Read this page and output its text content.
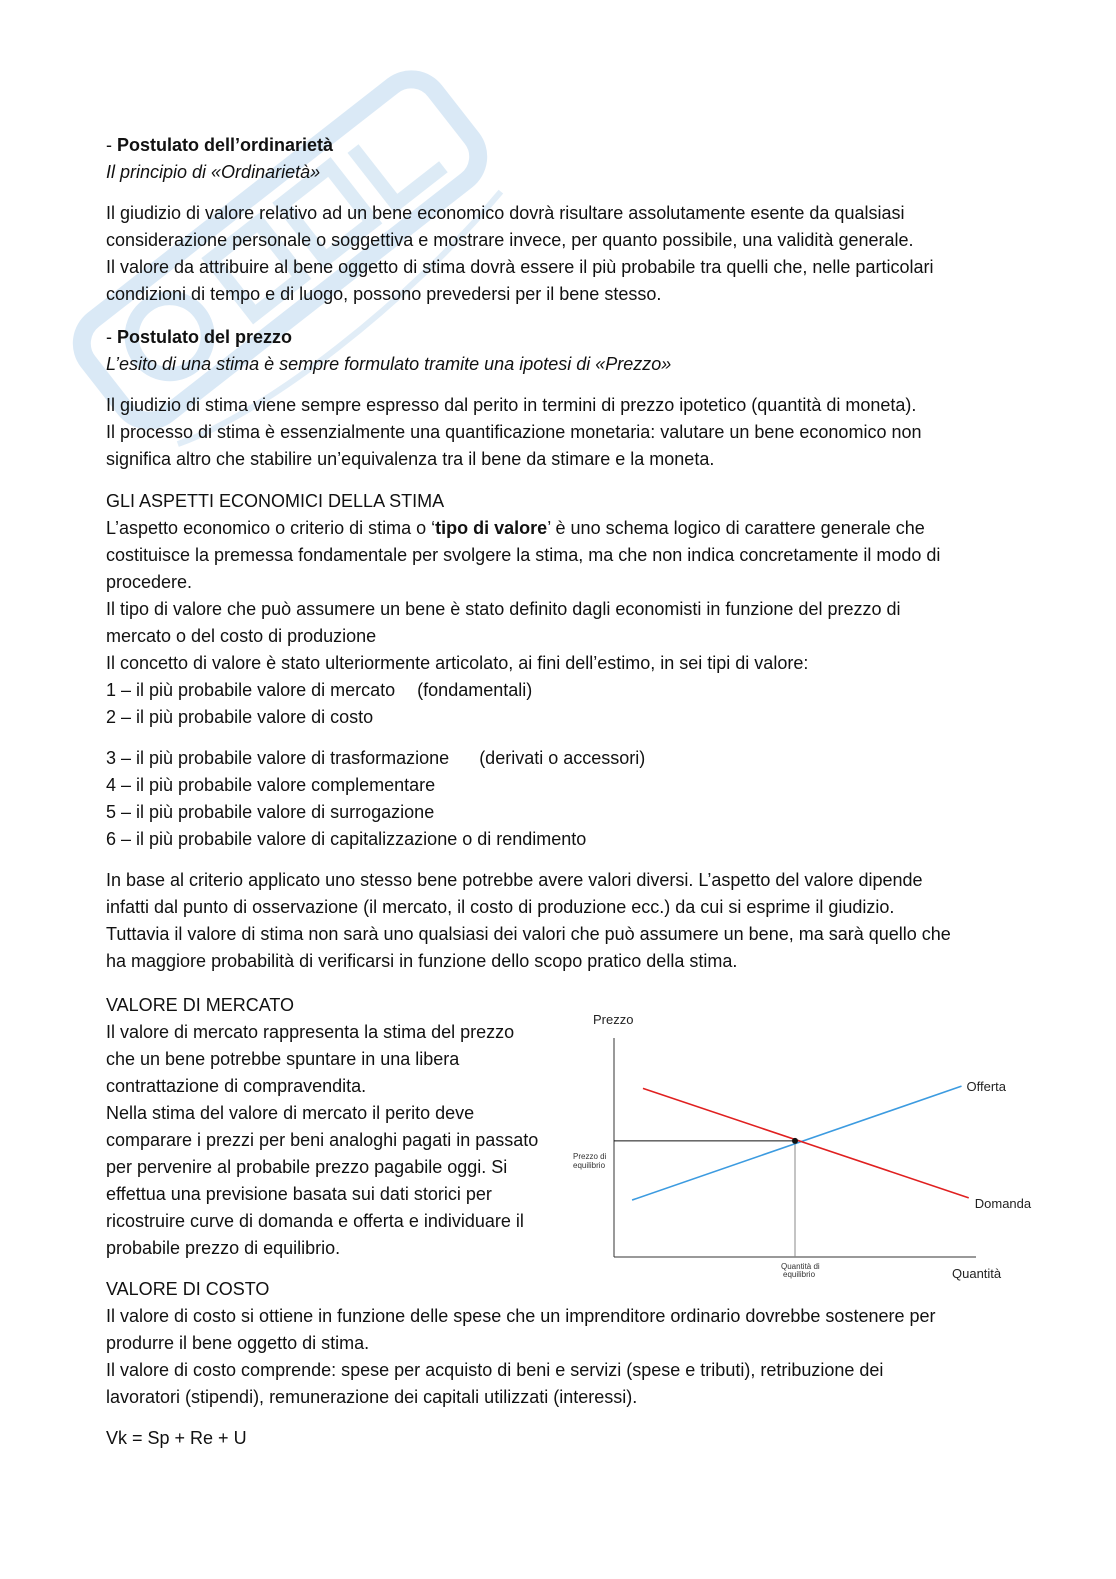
- Postulato dell’ordinarietà
Il principio di «Ordinarietà»
Il giudizio di valore relativo ad un bene economico dovrà risultare assolutamente esente da qualsiasi
considerazione personale o soggettiva e mostrare invece, per quanto possibile, una validità generale.
Il valore da attribuire al bene oggetto di stima dovrà essere il più probabile tra quelli che, nelle particolari
condizioni di tempo e di luogo, possono prevedersi per il bene stesso.
- Postulato del prezzo
L’esito di una stima è sempre formulato tramite una ipotesi di «Prezzo»
Il giudizio di stima viene sempre espresso dal perito in termini di prezzo ipotetico (quantità di moneta).
Il processo di stima è essenzialmente una quantificazione monetaria: valutare un bene economico non
significa altro che stabilire un’equivalenza tra il bene da stimare e la moneta.
GLI ASPETTI ECONOMICI DELLA STIMA
L’aspetto economico o criterio di stima o ‘tipo di valore’ è uno schema logico di carattere generale che
costituisce la premessa fondamentale per svolgere la stima, ma che non indica concretamente il modo di
procedere.
Il tipo di valore che può assumere un bene è stato definito dagli economisti in funzione del prezzo di
mercato o del costo di produzione
Il concetto di valore è stato ulteriormente articolato, ai fini dell’estimo, in sei tipi di valore:
1 – il più probabile valore di mercato (fondamentali)
2 – il più probabile valore di costo
3 – il più probabile valore di trasformazione (derivati o accessori)
4 – il più probabile valore complementare
5 – il più probabile valore di surrogazione
6 – il più probabile valore di capitalizzazione o di rendimento
In base al criterio applicato uno stesso bene potrebbe avere valori diversi. L’aspetto del valore dipende
infatti dal punto di osservazione (il mercato, il costo di produzione ecc.) da cui si esprime il giudizio.
Tuttavia il valore di stima non sarà uno qualsiasi dei valori che può assumere un bene, ma sarà quello che
ha maggiore probabilità di verificarsi in funzione dello scopo pratico della stima.
VALORE DI MERCATO
Il valore di mercato rappresenta la stima del prezzo
che un bene potrebbe spuntare in una libera
contrattazione di compravendita.
Nella stima del valore di mercato il perito deve
comparare i prezzi per beni analoghi pagati in passato
per pervenire al probabile prezzo pagabile oggi. Si
effettua una previsione basata sui dati storici per
ricostruire curve di domanda e offerta e individuare il
probabile prezzo di equilibrio.
Prezzo
Quantità
Offerta
Domanda
Prezzo di
equilibrio
Quantità di
equilibrio
VALORE DI COSTO
Il valore di costo si ottiene in funzione delle spese che un imprenditore ordinario dovrebbe sostenere per
produrre il bene oggetto di stima.
Il valore di costo comprende: spese per acquisto di beni e servizi (spese e tributi), retribuzione dei
lavoratori (stipendi), remunerazione dei capitali utilizzati (interessi).
Vk = Sp + Re + U
